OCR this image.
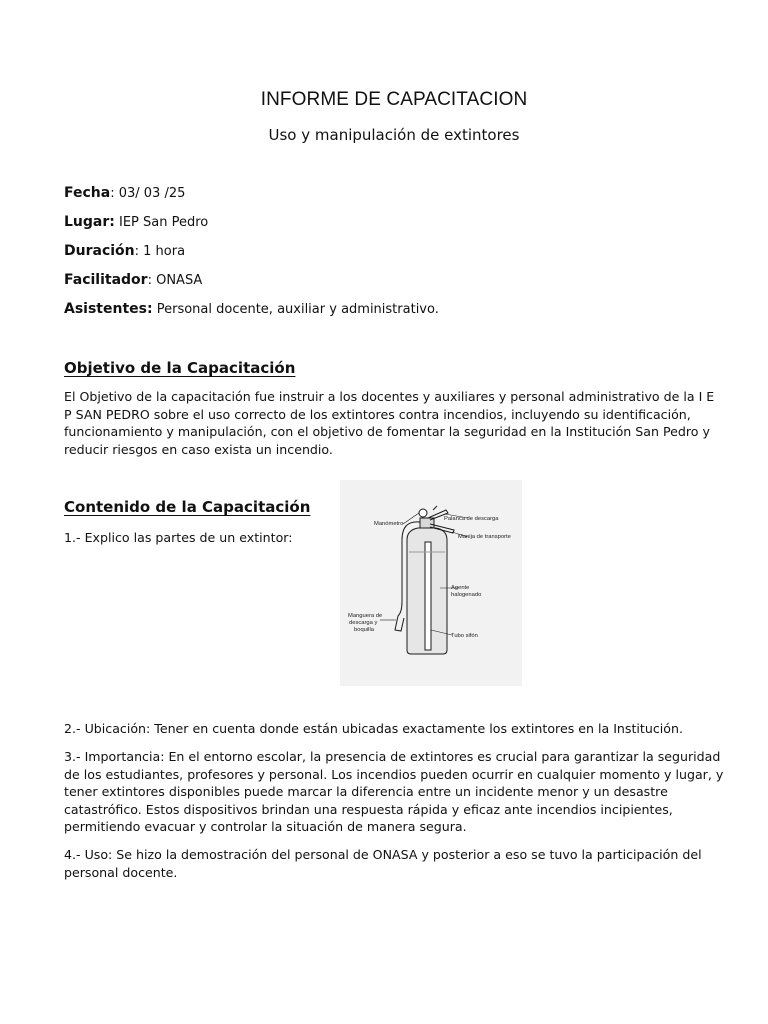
INFORME DE CAPACITACION
Uso y manipulación de extintores
Fecha: 03/ 03 /25
Lugar: IEP San Pedro
Duración: 1 hora
Facilitador: ONASA
Asistentes: Personal docente, auxiliar y administrativo.
Objetivo de la Capacitación
El Objetivo de la capacitación fue instruir a los docentes y auxiliares y personal administrativo de la I E P SAN PEDRO sobre el uso correcto de los extintores contra incendios, incluyendo su identificación, funcionamiento y manipulación, con el objetivo de fomentar la seguridad en la Institución San Pedro y reducir riesgos en caso exista un incendio.
Contenido de la Capacitación
1.- Explico las partes de un extintor:
Manómetro
Palanca de descarga
Manija de transporte
Agente
halogenado
Manguera de
descarga y
boquilla
Tubo sifón
2.- Ubicación: Tener en cuenta donde están ubicadas exactamente los extintores en la Institución.
3.- Importancia: En el entorno escolar, la presencia de extintores es crucial para garantizar la seguridad de los estudiantes, profesores y personal. Los incendios pueden ocurrir en cualquier momento y lugar, y tener extintores disponibles puede marcar la diferencia entre un incidente menor y un desastre catastrófico. Estos dispositivos brindan una respuesta rápida y eficaz ante incendios incipientes, permitiendo evacuar y controlar la situación de manera segura.
4.- Uso: Se hizo la demostración del personal de ONASA y posterior a eso se tuvo la participación del personal docente.
